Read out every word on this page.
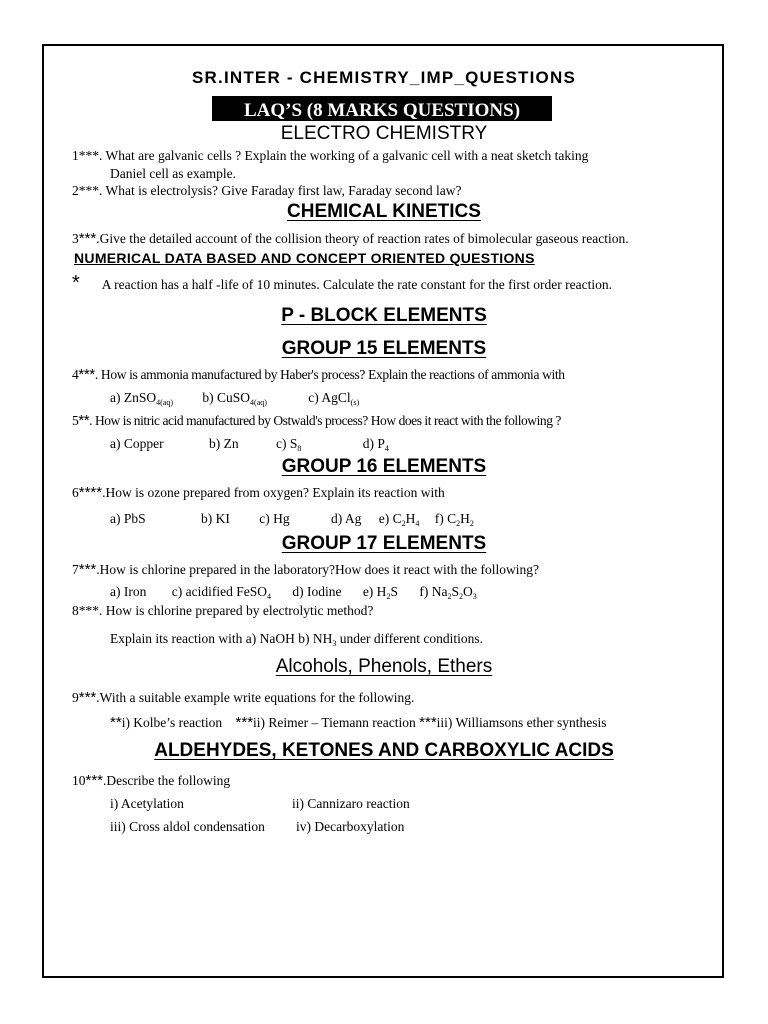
SR.INTER - CHEMISTRY_IMP_QUESTIONS
LAQ’S (8 MARKS QUESTIONS)
ELECTRO CHEMISTRY
1***. What are galvanic cells ? Explain the working of a galvanic cell with a neat sketch taking
Daniel cell as example.
2***. What is electrolysis? Give Faraday first law, Faraday second law?
CHEMICAL KINETICS
3***.Give the detailed account of the collision theory of reaction rates of bimolecular gaseous reaction.
NUMERICAL DATA BASED AND CONCEPT ORIENTED QUESTIONS
* A reaction has a half -life of 10 minutes. Calculate the rate constant for the first order reaction.
P - BLOCK ELEMENTS
GROUP 15 ELEMENTS
4***. How is ammonia manufactured by Haber's process? Explain the reactions of ammonia with
a) ZnSO$_{4(aq)}$ b) CuSO$_{4(aq)}$	c) AgCl$_{(s)}$
5**. How is nitric acid manufactured by Ostwald's process? How does it react with the following ?
a) Copper	b) Zn	c) $S_8$	d) $P_4$
GROUP 16 ELEMENTS
6****.How is ozone prepared from oxygen? Explain its reaction with
a) PbS	b) KI c) Hg	d) Ag e) $C_2H_4$ f) $C_2H_2$
GROUP 17 ELEMENTS
7***.How is chlorine prepared in the laboratory?How does it react with the following?
a) Iron c) acidified FeSO$_4$ d) Iodine e) $H_2S$ f) $Na_2S_2O_3$
8***. How is chlorine prepared by electrolytic method?
Explain its reaction with a) NaOH b) $NH_3$ under different conditions.
Alcohols, Phenols, Ethers
9***.With a suitable example write equations for the following.
**i) Kolbe’s reaction ***ii) Reimer – Tiemann reaction ***iii) Williamsons ether synthesis
ALDEHYDES, KETONES AND CARBOXYLIC ACIDS
10***.Describe the following
i) Acetylation	ii) Cannizaro reaction
iii) Cross aldol condensation iv) Decarboxylation
